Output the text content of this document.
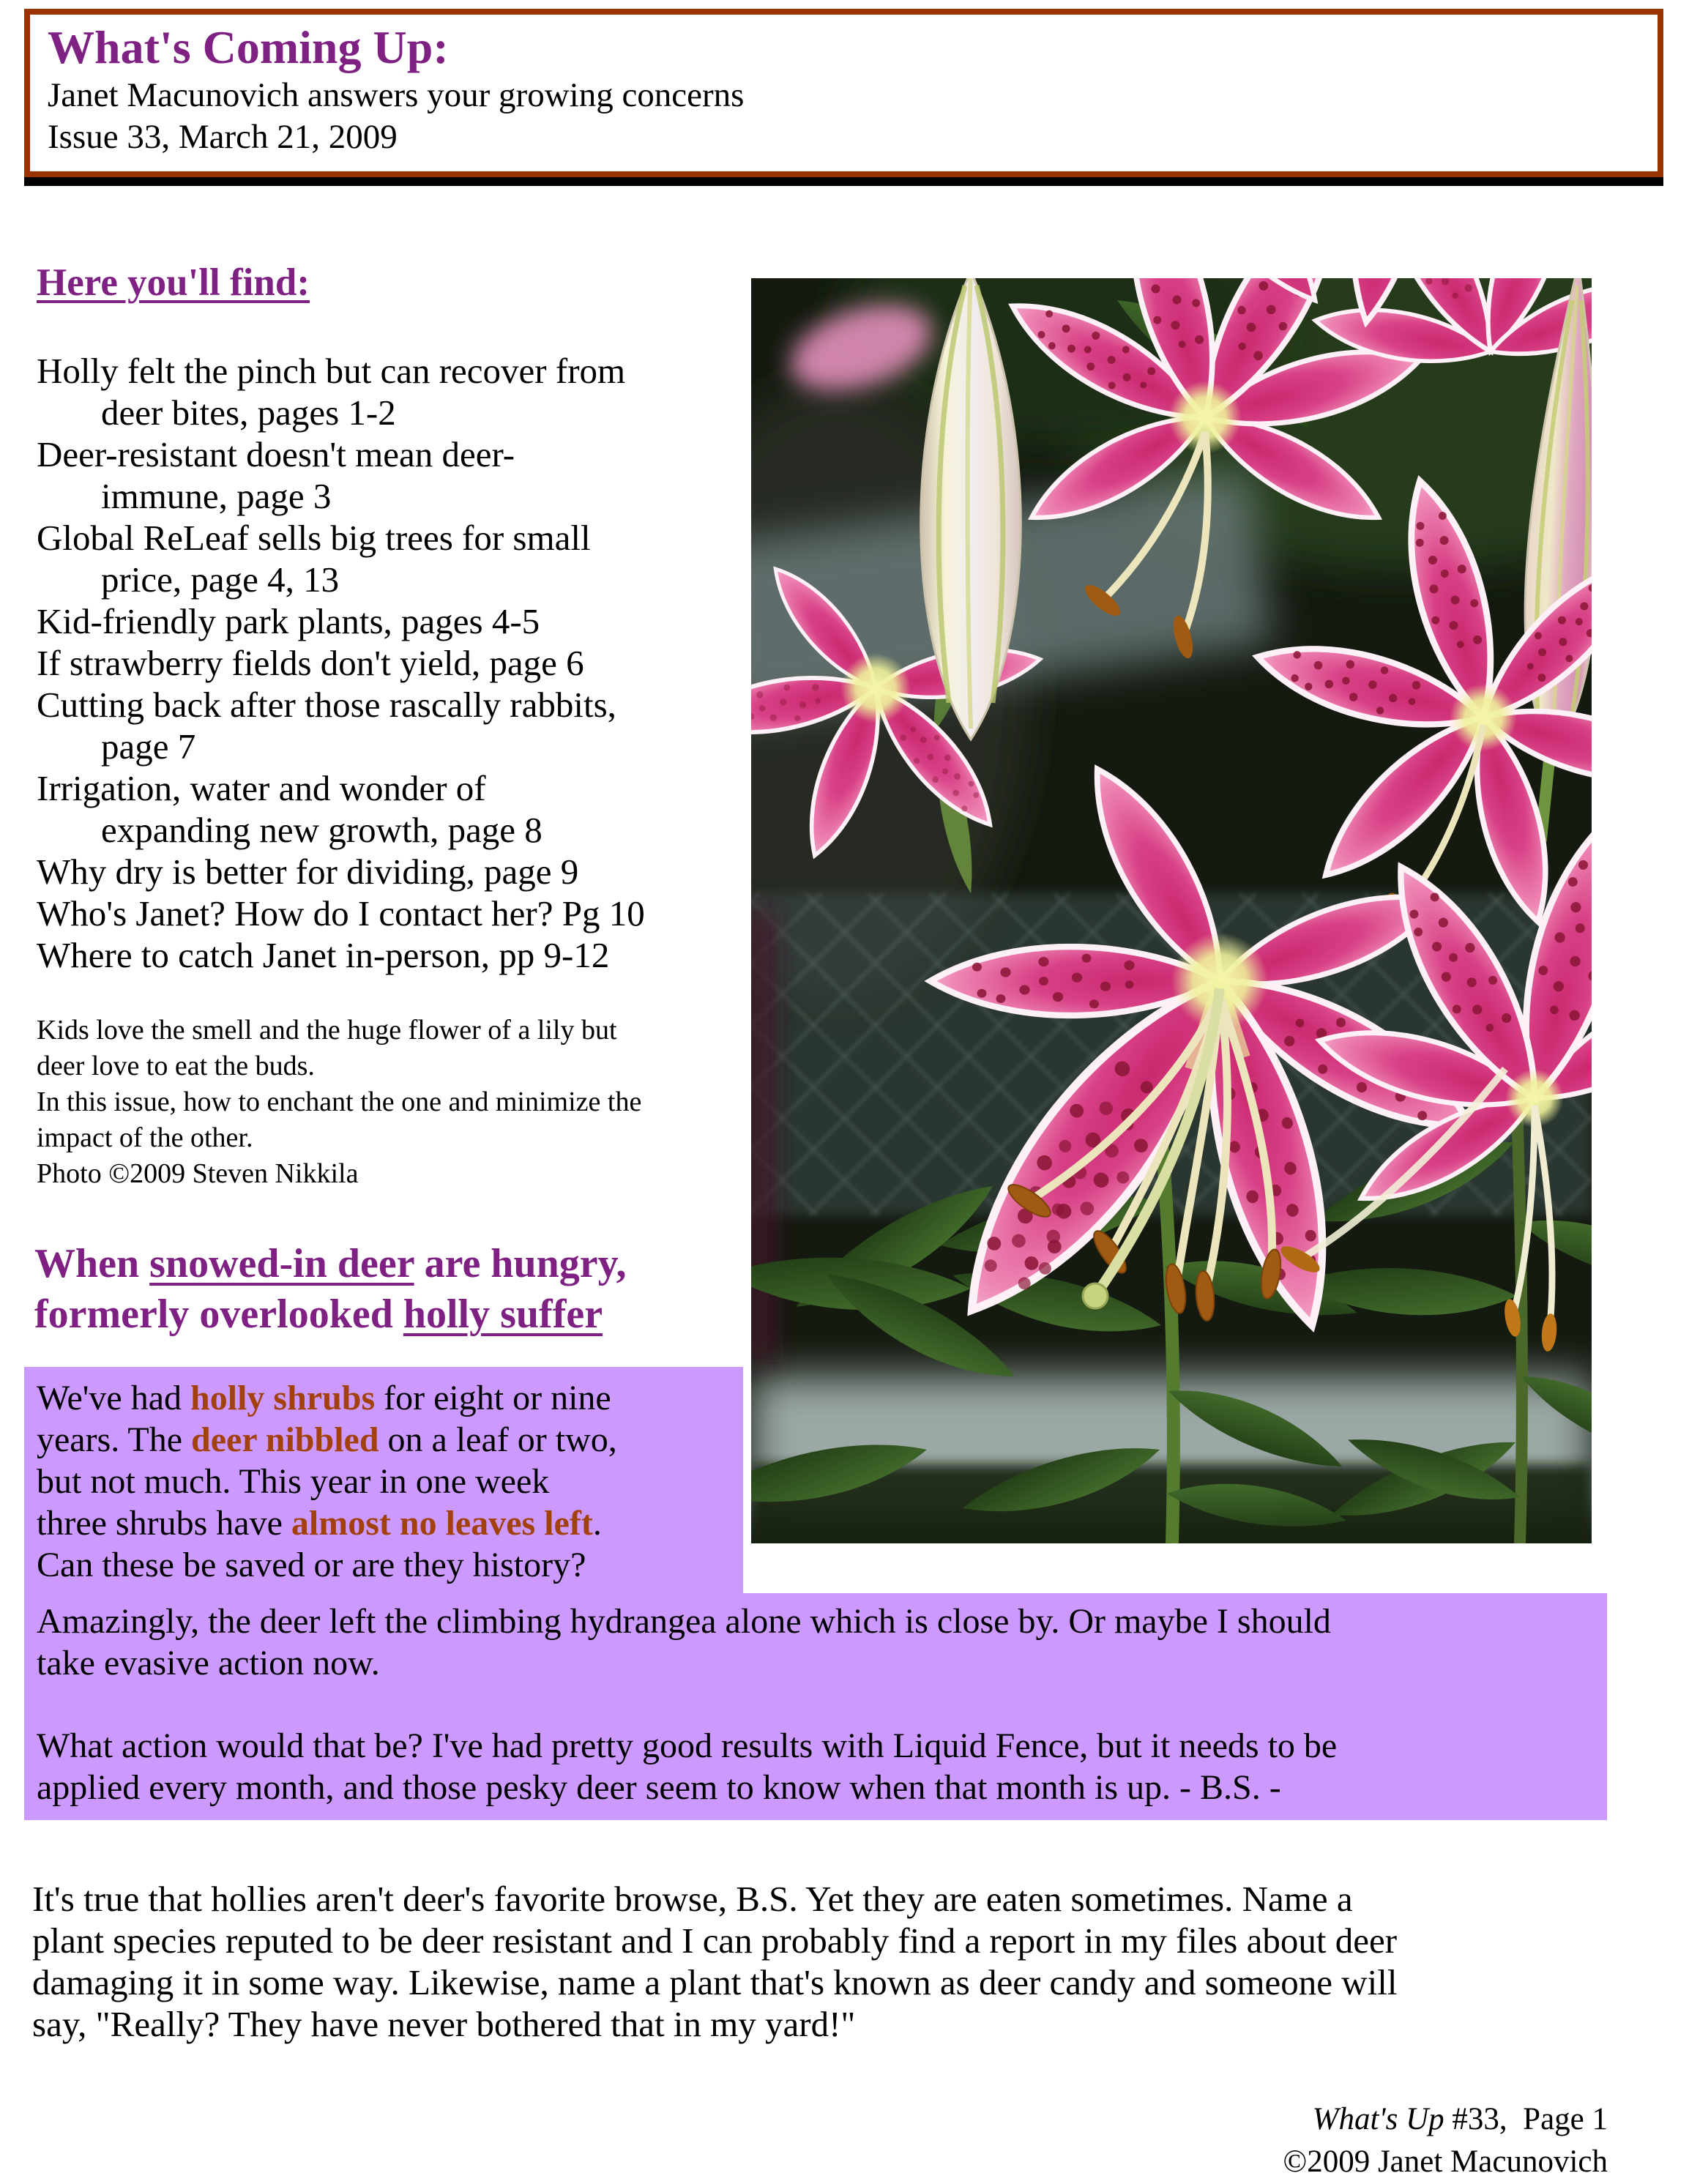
What's Coming Up:
Janet Macunovich answers your growing concerns
Issue 33, March 21, 2009
Here you'll find:
Holly felt the pinch but can recover from
deer bites, pages 1-2
Deer-resistant doesn't mean deer-
immune, page 3
Global ReLeaf sells big trees for small
price, page 4, 13
Kid-friendly park plants, pages 4-5
If strawberry fields don't yield, page 6
Cutting back after those rascally rabbits,
page 7
Irrigation, water and wonder of
expanding new growth, page 8
Why dry is better for dividing, page 9
Who's Janet? How do I contact her? Pg 10
Where to catch Janet in-person, pp 9-12
Kids love the smell and the huge flower of a lily but
deer love to eat the buds.
In this issue, how to enchant the one and minimize the
impact of the other.
Photo ©2009 Steven Nikkila
When snowed-in deer are hungry,
formerly overlooked holly suffer
We've had holly shrubs for eight or nine
years. The deer nibbled on a leaf or two,
but not much. This year in one week
three shrubs have almost no leaves left.
Can these be saved or are they history?
Amazingly, the deer left the climbing hydrangea alone which is close by. Or maybe I should
take evasive action now.
What action would that be? I've had pretty good results with Liquid Fence, but it needs to be
applied every month, and those pesky deer seem to know when that month is up. - B.S. -
It's true that hollies aren't deer's favorite browse, B.S. Yet they are eaten sometimes. Name a
plant species reputed to be deer resistant and I can probably find a report in my files about deer
damaging it in some way. Likewise, name a plant that's known as deer candy and someone will
say, "Really? They have never bothered that in my yard!"
What's Up #33,  Page 1
©2009 Janet Macunovich
